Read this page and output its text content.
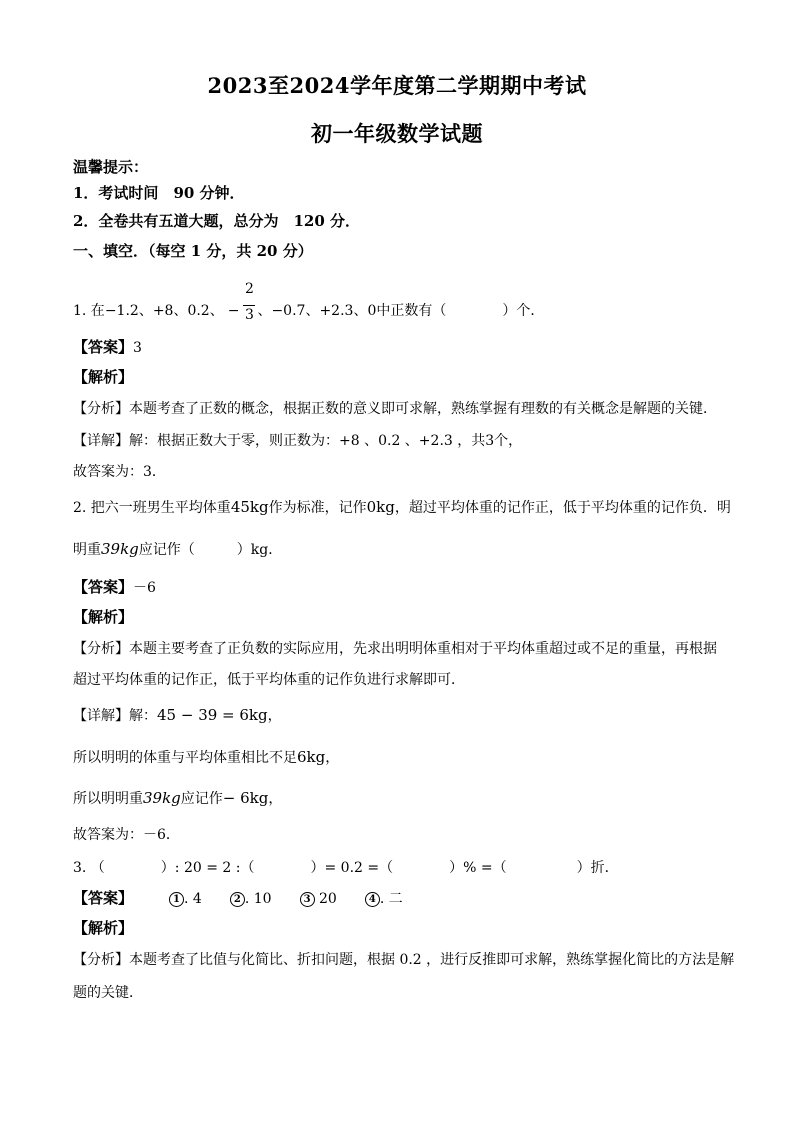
2023至2024学年度第二学期期中考试
初一年级数学试题
温馨提示：
1．考试时间　90 分钟．
2．全卷共有五道大题，总分为　120 分．
一、填空．（每空 1 分，共 20 分）
1. 在−1.2、+8、0.2、 − $\frac{2}{3}$ 、−0.7、+2.3、0中正数有（　　　　）个．
【答案】3
【解析】
【分析】本题考查了正数的概念，根据正数的意义即可求解，熟练掌握有理数的有关概念是解题的关键．
【详解】解：根据正数大于零，则正数为：+8 、0.2 、+2.3 ，共3个，
故答案为：3．
2. 把六一班男生平均体重45kg作为标准，记作0kg，超过平均体重的记作正，低于平均体重的记作负．明
明重39kg应记作（　　　）kg．
【答案】－6
【解析】
【分析】本题主要考查了正负数的实际应用，先求出明明体重相对于平均体重超过或不足的重量，再根据
超过平均体重的记作正，低于平均体重的记作负进行求解即可．
【详解】解：45 − 39 = 6kg，
所以明明的体重与平均体重相比不足6kg，
所以明明重39kg应记作− 6kg，
故答案为：－6．
3. （　　　　）: 20 = 2 :（　　　　）= 0.2 =（　　　　）% =（　　　　　）折．
【答案】	1 . 4	2 . 10	3 20	4 . 二
【解析】
【分析】本题考查了比值与化简比、折扣问题，根据 0.2 ，进行反推即可求解，熟练掌握化简比的方法是解
题的关键．
